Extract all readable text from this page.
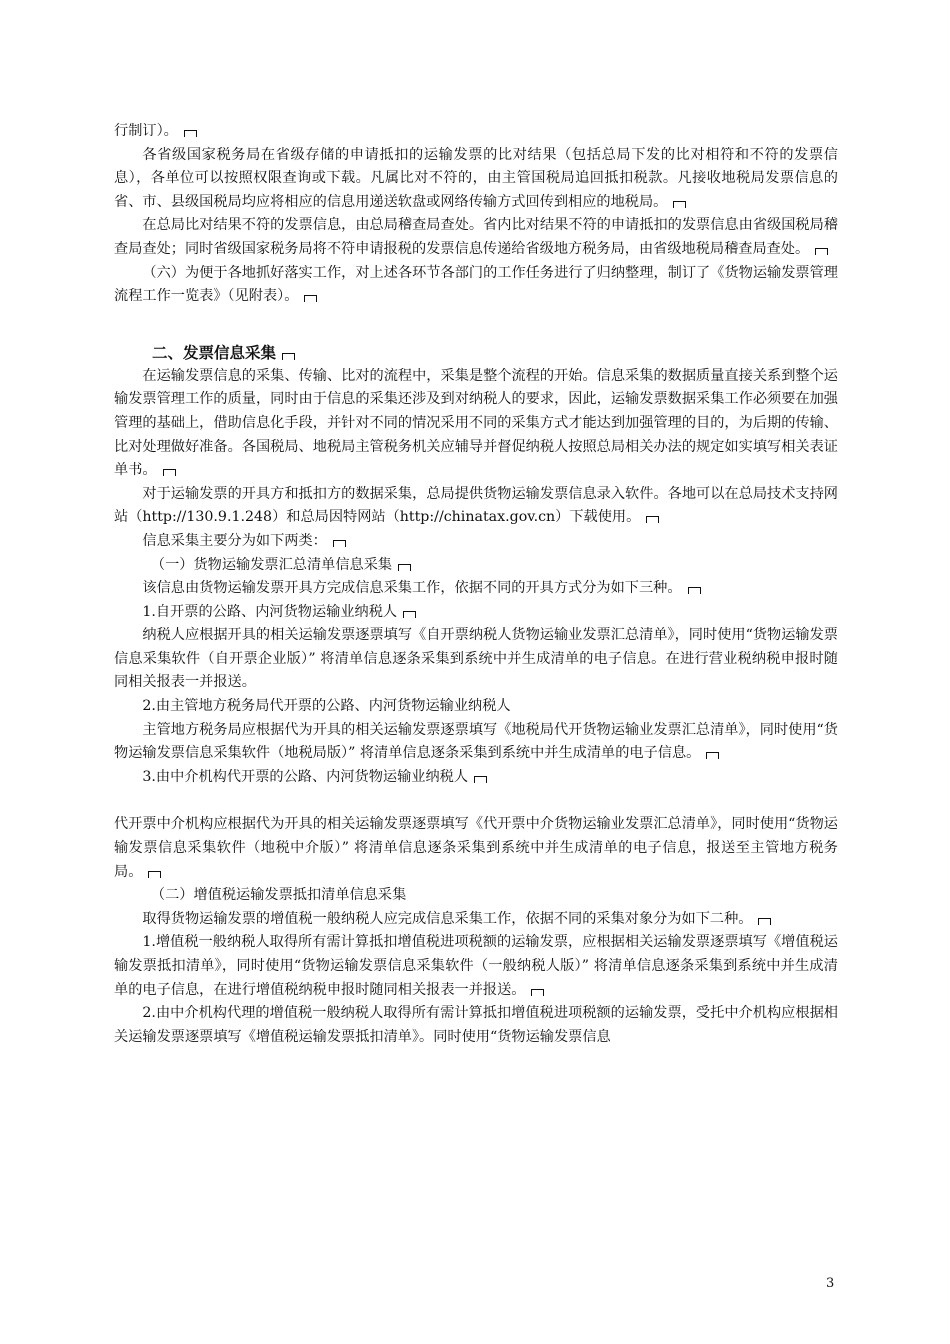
行制订）。

各省级国家税务局在省级存储的申请抵扣的运输发票的比对结果（包括总局下发的比对相符和不符的发票信息），各单位可以按照权限查询或下载。凡属比对不符的，由主管国税局追回抵扣税款。凡接收地税局发票信息的省、市、县级国税局均应将相应的信息用递送软盘或网络传输方式回传到相应的地税局。

在总局比对结果不符的发票信息，由总局稽查局查处。省内比对结果不符的申请抵扣的发票信息由省级国税局稽查局查处；同时省级国家税务局将不符申请报税的发票信息传递给省级地方税务局，由省级地税局稽查局查处。

（六）为便于各地抓好落实工作，对上述各环节各部门的工作任务进行了归纳整理，制订了《货物运输发票管理流程工作一览表》（见附表）。

二、发票信息采集

在运输发票信息的采集、传输、比对的流程中，采集是整个流程的开始。信息采集的数据质量直接关系到整个运输发票管理工作的质量，同时由于信息的采集还涉及到对纳税人的要求，因此，运输发票数据采集工作必须要在加强管理的基础上，借助信息化手段，并针对不同的情况采用不同的采集方式才能达到加强管理的目的，为后期的传输、比对处理做好准备。各国税局、地税局主管税务机关应辅导并督促纳税人按照总局相关办法的规定如实填写相关表证单书。

对于运输发票的开具方和抵扣方的数据采集，总局提供货物运输发票信息录入软件。各地可以在总局技术支持网站（http://130.9.1.248）和总局因特网站（http://chinatax.gov.cn）下载使用。

信息采集主要分为如下两类：

（一）货物运输发票汇总清单信息采集

该信息由货物运输发票开具方完成信息采集工作，依据不同的开具方式分为如下三种。

1.自开票的公路、内河货物运输业纳税人

纳税人应根据开具的相关运输发票逐票填写《自开票纳税人货物运输业发票汇总清单》，同时使用“货物运输发票信息采集软件（自开票企业版）” 将清单信息逐条采集到系统中并生成清单的电子信息。在进行营业税纳税申报时随同相关报表一并报送。

2.由主管地方税务局代开票的公路、内河货物运输业纳税人

主管地方税务局应根据代为开具的相关运输发票逐票填写《地税局代开货物运输业发票汇总清单》，同时使用“货物运输发票信息采集软件（地税局版）” 将清单信息逐条采集到系统中并生成清单的电子信息。

3.由中介机构代开票的公路、内河货物运输业纳税人

代开票中介机构应根据代为开具的相关运输发票逐票填写《代开票中介货物运输业发票汇总清单》，同时使用“货物运输发票信息采集软件（地税中介版）” 将清单信息逐条采集到系统中并生成清单的电子信息，报送至主管地方税务局。

（二）增值税运输发票抵扣清单信息采集

取得货物运输发票的增值税一般纳税人应完成信息采集工作，依据不同的采集对象分为如下二种。

1.增值税一般纳税人取得所有需计算抵扣增值税进项税额的运输发票，应根据相关运输发票逐票填写《增值税运输发票抵扣清单》，同时使用“货物运输发票信息采集软件（一般纳税人版）” 将清单信息逐条采集到系统中并生成清单的电子信息，在进行增值税纳税申报时随同相关报表一并报送。

2.由中介机构代理的增值税一般纳税人取得所有需计算抵扣增值税进项税额的运输发票，受托中介机构应根据相关运输发票逐票填写《增值税运输发票抵扣清单》。同时使用“货物运输发票信息

3
